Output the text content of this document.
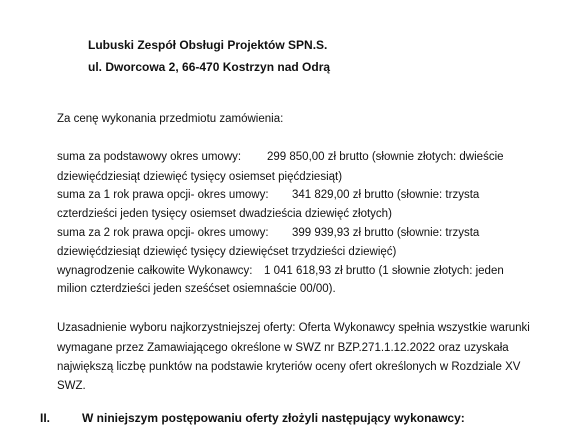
Lubuski Zespół Obsługi Projektów SPN.S.
ul. Dworcowa 2, 66-470 Kostrzyn nad Odrą
Za cenę wykonania przedmiotu zamówienia:
suma za podstawowy okres umowy: 299 850,00 zł brutto (słownie złotych: dwieście
dziewięćdziesiąt dziewięć tysięcy osiemset pięćdziesiąt)
suma za 1 rok prawa opcji- okres umowy: 341 829,00 zł brutto (słownie: trzysta
czterdzieści jeden tysięcy osiemset dwadzieścia dziewięć złotych)
suma za 2 rok prawa opcji- okres umowy: 399 939,93 zł brutto (słownie: trzysta
dziewięćdziesiąt dziewięć tysięcy dziewięćset trzydzieści dziewięć)
wynagrodzenie całkowite Wykonawcy: 1 041 618,93 zł brutto (1 słownie złotych: jeden
milion czterdzieści jeden sześćset osiemnaście 00/00).
Uzasadnienie wyboru najkorzystniejszej oferty: Oferta Wykonawcy spełnia wszystkie warunki
wymagane przez Zamawiającego określone w SWZ nr BZP.271.1.12.2022 oraz uzyskała
największą liczbę punktów na podstawie kryteriów oceny ofert określonych w Rozdziale XV
SWZ.
II.	W niniejszym postępowaniu oferty złożyli następujący wykonawcy:
